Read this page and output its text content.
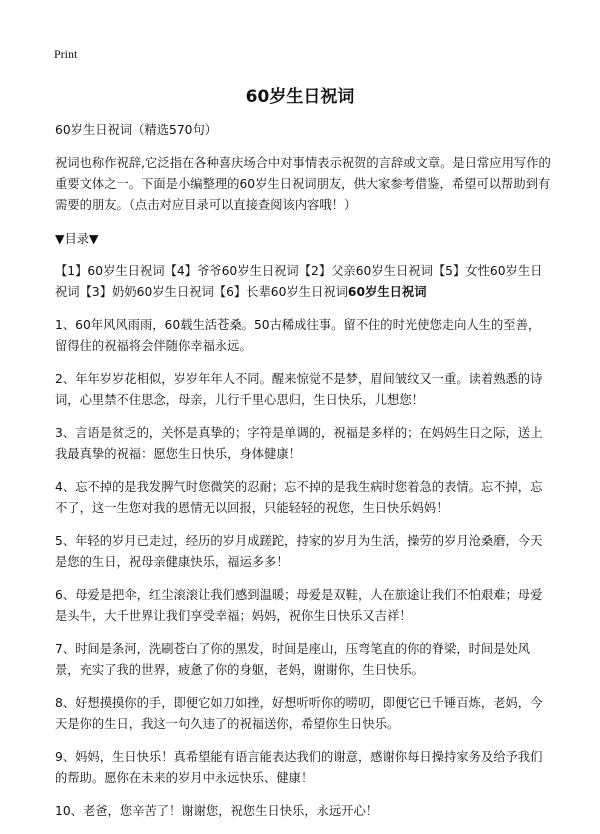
Print
60岁生日祝词
60岁生日祝词（精选570句）
祝词也称作祝辞,它泛指在各种喜庆场合中对事情表示祝贺的言辞或文章。是日常应用写作的重要文体之一。下面是小编整理的60岁生日祝词朋友，供大家参考借鉴，希望可以帮助到有需要的朋友。（点击对应目录可以直接查阅该内容哦！）
▼目录▼
【1】60岁生日祝词【4】爷爷60岁生日祝词【2】父亲60岁生日祝词【5】女性60岁生日祝词【3】奶奶60岁生日祝词【6】长辈60岁生日祝词60岁生日祝词
1、60年风风雨雨，60载生活苍桑。50古稀成往事。留不住的时光使您走向人生的至善，留得住的祝福将会伴随你幸福永远。
2、年年岁岁花相似，岁岁年年人不同。醒来惊觉不是梦，眉间皱纹又一重。读着熟悉的诗词，心里禁不住思念，母亲，儿行千里心思归，生日快乐，儿想您！
3、言语是贫乏的，关怀是真挚的；字符是单调的，祝福是多样的；在妈妈生日之际，送上我最真挚的祝福：愿您生日快乐，身体健康！
4、忘不掉的是我发脾气时您微笑的忍耐；忘不掉的是我生病时您着急的表情。忘不掉，忘不了，这一生您对我的恩情无以回报，只能轻轻的祝您，生日快乐妈妈！
5、年轻的岁月已走过，经历的岁月成蹉跎，持家的岁月为生活，操劳的岁月沧桑磨，今天是您的生日，祝母亲健康快乐，福运多多！
6、母爱是把伞，红尘滚滚让我们感到温暖；母爱是双鞋，人在旅途让我们不怕艰难；母爱是头牛，大千世界让我们享受幸福；妈妈，祝你生日快乐又吉祥！
7、时间是条河，洗刷苍白了你的黑发，时间是座山，压弯笔直的你的脊梁，时间是处风景，充实了我的世界，疲惫了你的身躯，老妈，谢谢你，生日快乐。
8、好想摸摸你的手，即便它如刀如挫，好想听听你的唠叨，即便它已千锤百炼，老妈，今天是你的生日，我这一句久违了的祝福送你，希望你生日快乐。
9、妈妈，生日快乐！真希望能有语言能表达我们的谢意，感谢你每日操持家务及给予我们的帮助。愿你在未来的岁月中永远快乐、健康！
10、老爸，您辛苦了！谢谢您，祝您生日快乐，永远开心！
